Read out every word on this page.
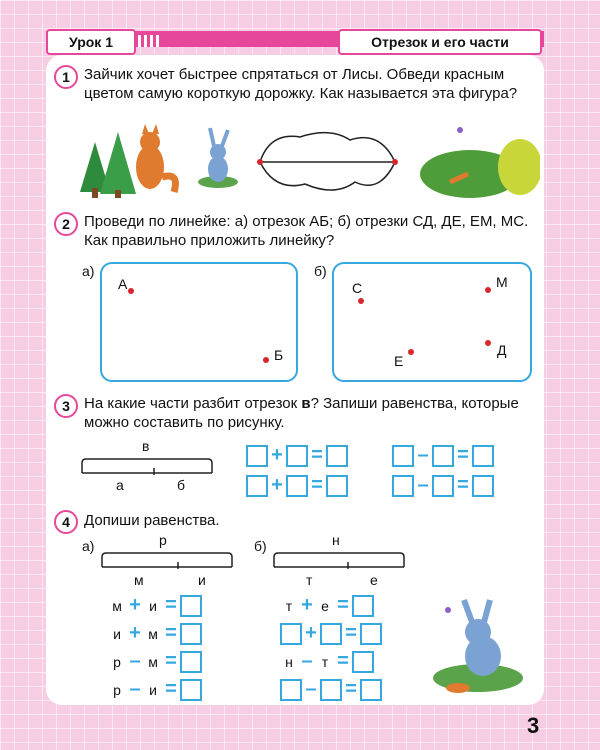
Урок 1	Отрезок и его части
1 Зайчик хочет быстрее спрятаться от Лисы. Обведи красным цветом самую короткую дорожку. Как называется эта фигура?
2 Проведи по линейке: а) отрезок АБ; б) отрезки СД, ДЕ, ЕМ, МС. Как правильно приложить линейку?
а)
А
Б
б)
С	М
Е
Д
3 На какие части разбит отрезок в? Запиши равенства, которые можно составить по рисунку.
в
а	б
+ =
+ =
– =
– =
4 Допиши равенства.
а)	р
м	и
м + и =
и + м =
р – м =
р – и =
б)	н
т	е
т + е =
+ =
н – т =
– =
3
